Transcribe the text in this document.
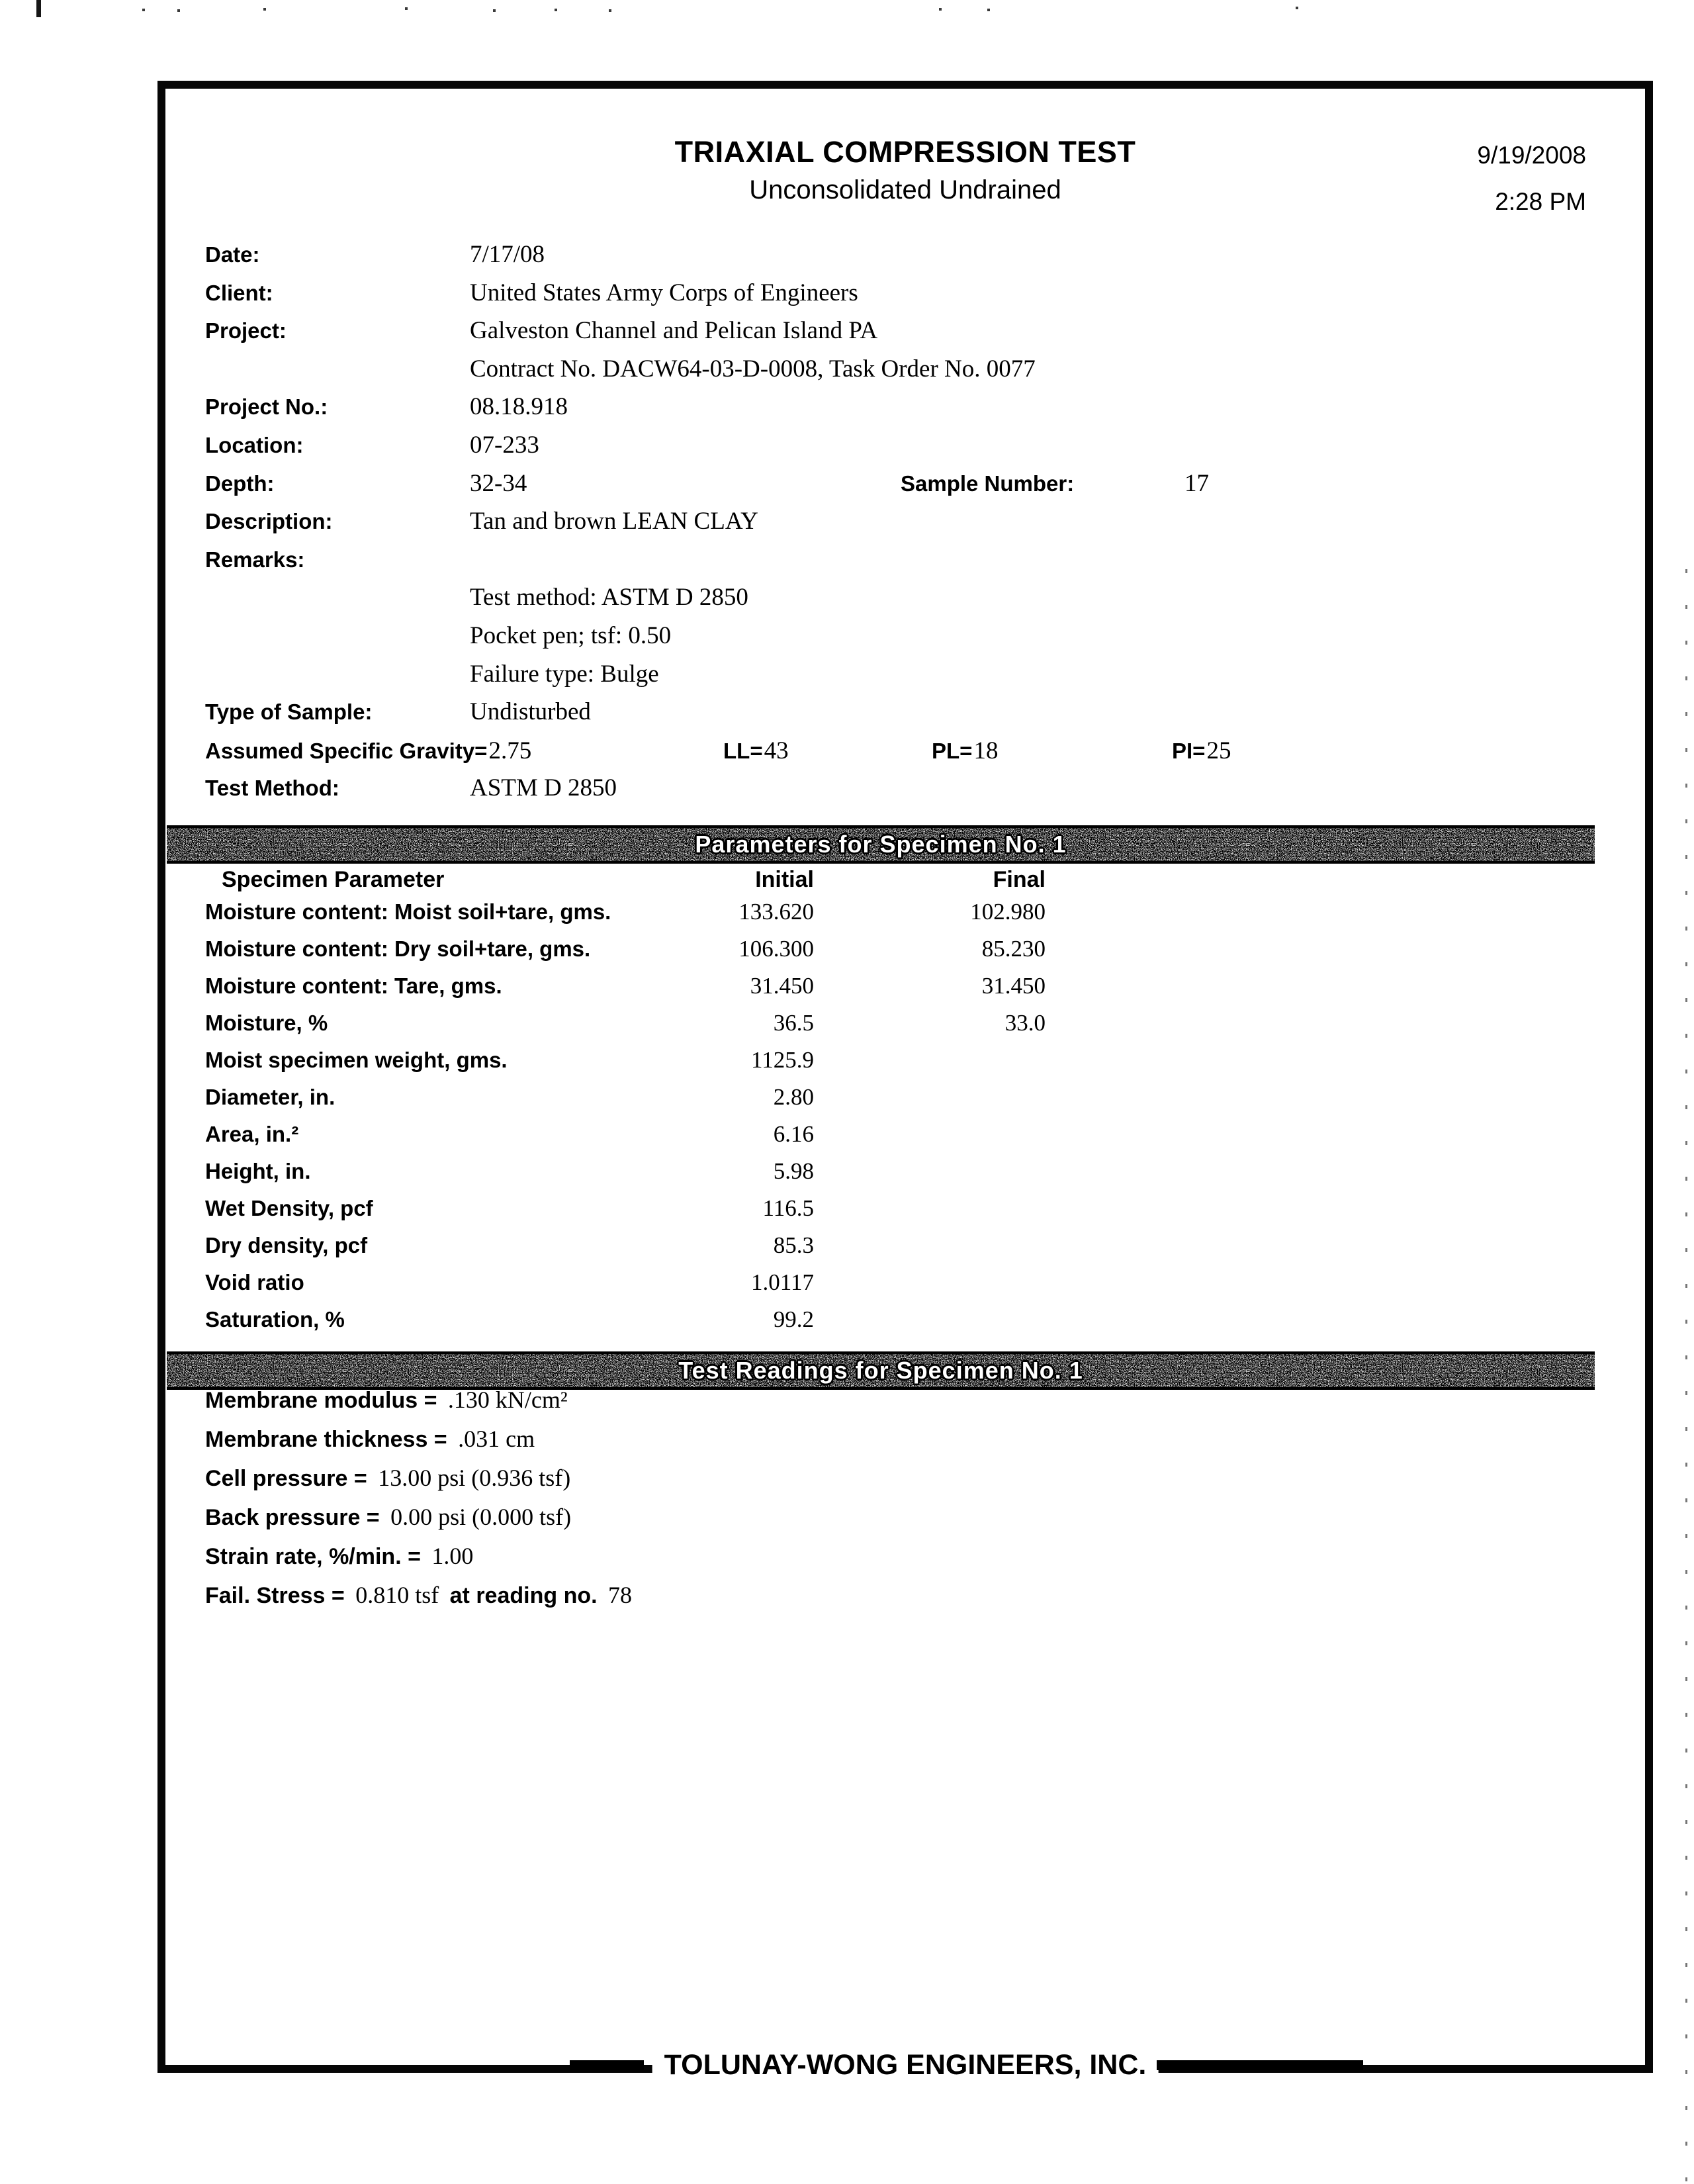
TRIAXIAL COMPRESSION TEST
Unconsolidated Undrained
9/19/2008
2:28 PM
Date:	7/17/08
Client:	United States Army Corps of Engineers
Project:	Galveston Channel and Pelican Island PA
Contract No. DACW64-03-D-0008, Task Order No. 0077
Project No.:	08.18.918
Location:	07-233
Depth:	32-34	Sample Number:	17
Description:	Tan and brown LEAN CLAY
Remarks:
Test method: ASTM D 2850
Pocket pen; tsf: 0.50
Failure type: Bulge
Type of Sample:	Undisturbed
Assumed Specific Gravity=2.75	LL=43	PL=18	PI=25
Test Method:	ASTM D 2850
Parameters for Specimen No. 1
Specimen Parameter	Initial	Final
Moisture content: Moist soil+tare, gms.	133.620	102.980
Moisture content: Dry soil+tare, gms.	106.300	85.230
Moisture content: Tare, gms.	31.450	31.450
Moisture, %	36.5	33.0
Moist specimen weight, gms.	1125.9
Diameter, in.	2.80
Area, in.²	6.16
Height, in.	5.98
Wet Density, pcf	116.5
Dry density, pcf	85.3
Void ratio	1.0117
Saturation, %	99.2
Test Readings for Specimen No. 1
Membrane modulus = .130 kN/cm²
Membrane thickness = .031 cm
Cell pressure = 13.00 psi (0.936 tsf)
Back pressure = 0.00 psi (0.000 tsf)
Strain rate, %/min. = 1.00
Fail. Stress = 0.810 tsf at reading no. 78
TOLUNAY-WONG ENGINEERS, INC.
